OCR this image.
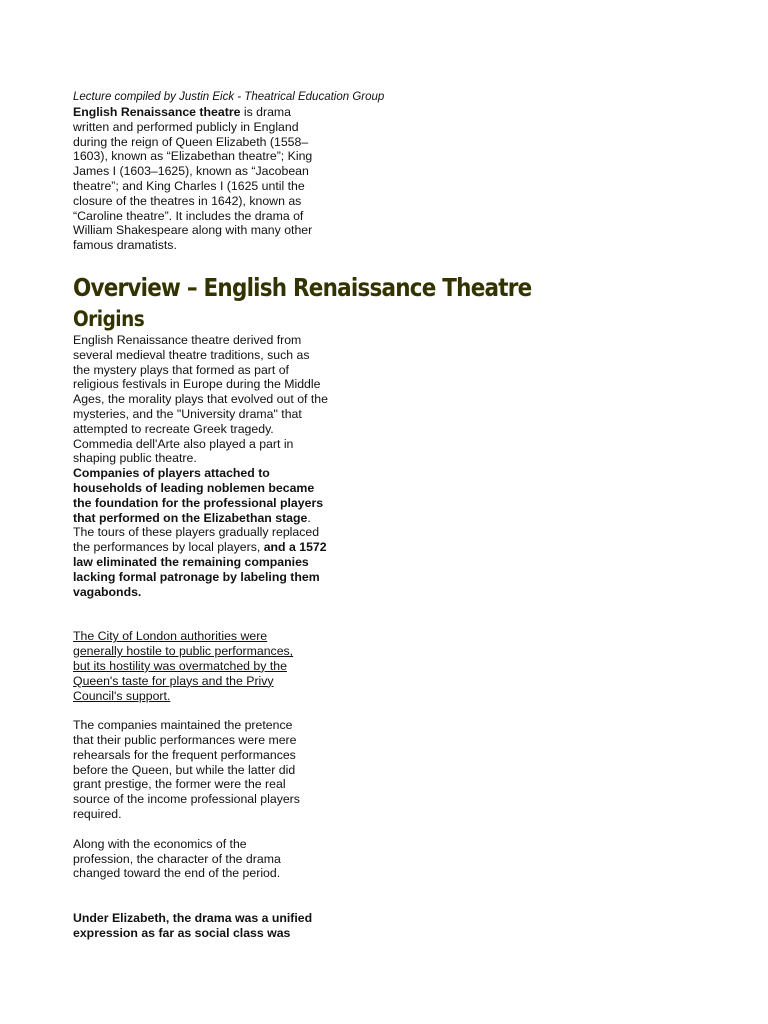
Lecture compiled by Justin Eick - Theatrical Education Group

English Renaissance theatre is drama written and performed publicly in England during the reign of Queen Elizabeth (1558–1603), known as “Elizabethan theatre”; King James I (1603–1625), known as “Jacobean theatre”; and King Charles I (1625 until the closure of the theatres in 1642), known as “Caroline theatre”. It includes the drama of William Shakespeare along with many other famous dramatists.

Overview – English Renaissance Theatre
Origins

English Renaissance theatre derived from several medieval theatre traditions, such as the mystery plays that formed as part of religious festivals in Europe during the Middle Ages, the morality plays that evolved out of the mysteries, and the "University drama" that attempted to recreate Greek tragedy. Commedia dell'Arte also played a part in shaping public theatre.

Companies of players attached to households of leading noblemen became the foundation for the professional players that performed on the Elizabethan stage. The tours of these players gradually replaced the performances by local players, and a 1572 law eliminated the remaining companies lacking formal patronage by labeling them vagabonds.

The City of London authorities were generally hostile to public performances, but its hostility was overmatched by the Queen's taste for plays and the Privy Council's support.

The companies maintained the pretence that their public performances were mere rehearsals for the frequent performances before the Queen, but while the latter did grant prestige, the former were the real source of the income professional players required.

Along with the economics of the profession, the character of the drama changed toward the end of the period.

Under Elizabeth, the drama was a unified expression as far as social class was
